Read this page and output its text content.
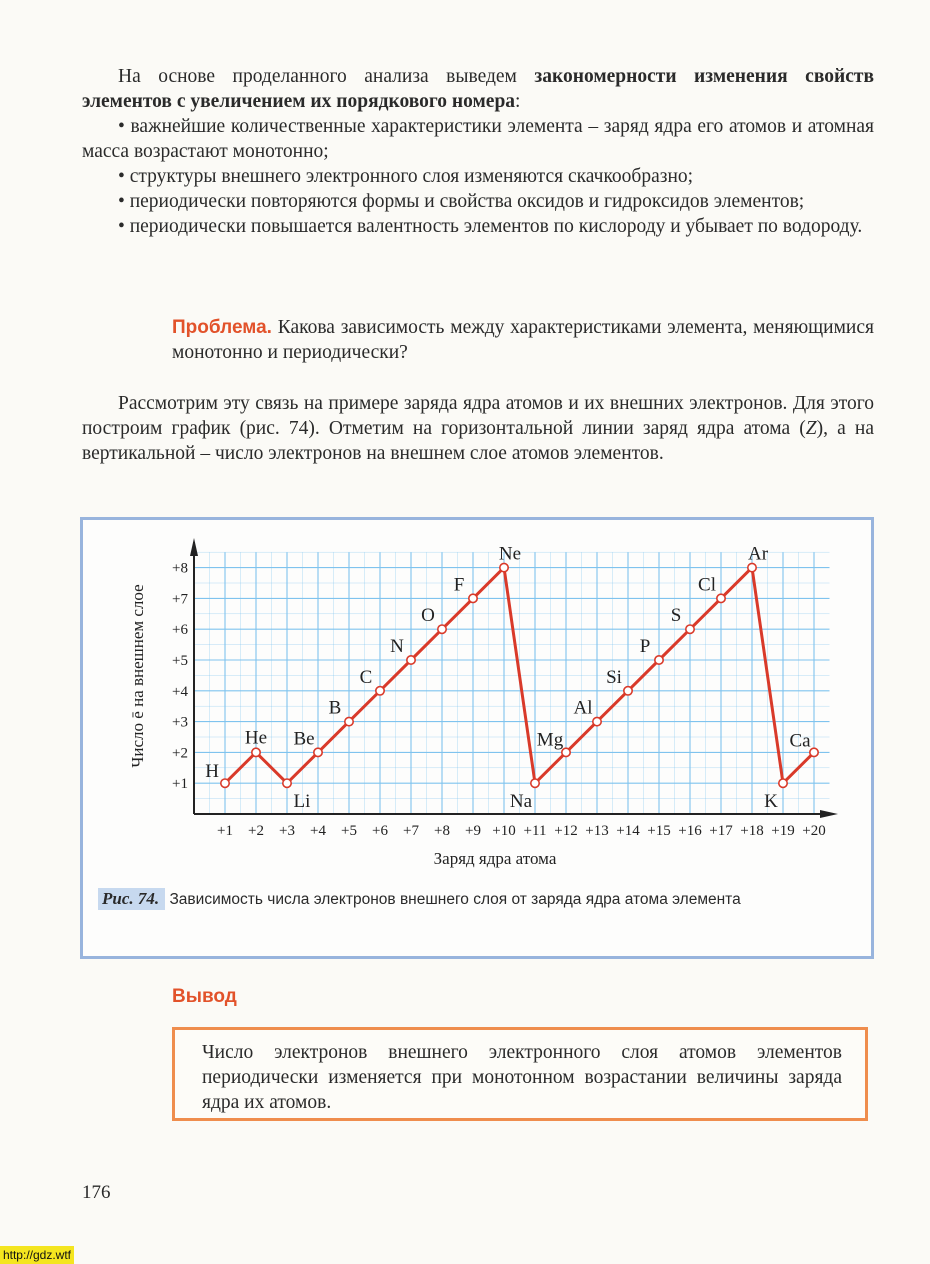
На основе проделанного анализа выведем закономерности изменения свойств элементов с увеличением их порядкового номера:
• важнейшие количественные характеристики элемента – заряд ядра его атомов и атомная масса возрастают монотонно;
• структуры внешнего электронного слоя изменяются скачкообразно;
• периодически повторяются формы и свойства оксидов и гидроксидов элементов;
• периодически повышается валентность элементов по кислороду и убывает по водороду.
Проблема. Какова зависимость между характеристиками элемента, меняющимися монотонно и периодически?
Рассмотрим эту связь на примере заряда ядра атомов и их внешних электронов. Для этого построим график (рис. 74). Отметим на горизонтальной линии заряд ядра атома (Z), а на вертикальной – число электронов на внешнем слое атомов элементов.
+1 +2 +3 +4 +5 +6 +7 +8 +9 +10 +11 +12 +13 +14 +15 +16 +17 +18 +19 +20
+1
+2
+3
+4
+5
+6
+7
+8
H
He
Li
Be
B
C
N
O
F
Ne
Na
Mg
Al
Si
P
S
Cl
Ar
K
Ca
Заряд ядра атома
Число ē на внешнем слое
Рис. 74. Зависимость числа электронов внешнего слоя от заряда ядра атома элемента
Вывод
Число электронов внешнего электронного слоя атомов элементов периодически изменяется при монотонном возрастании величины заряда ядра их атомов.
176
http://gdz.wtf
